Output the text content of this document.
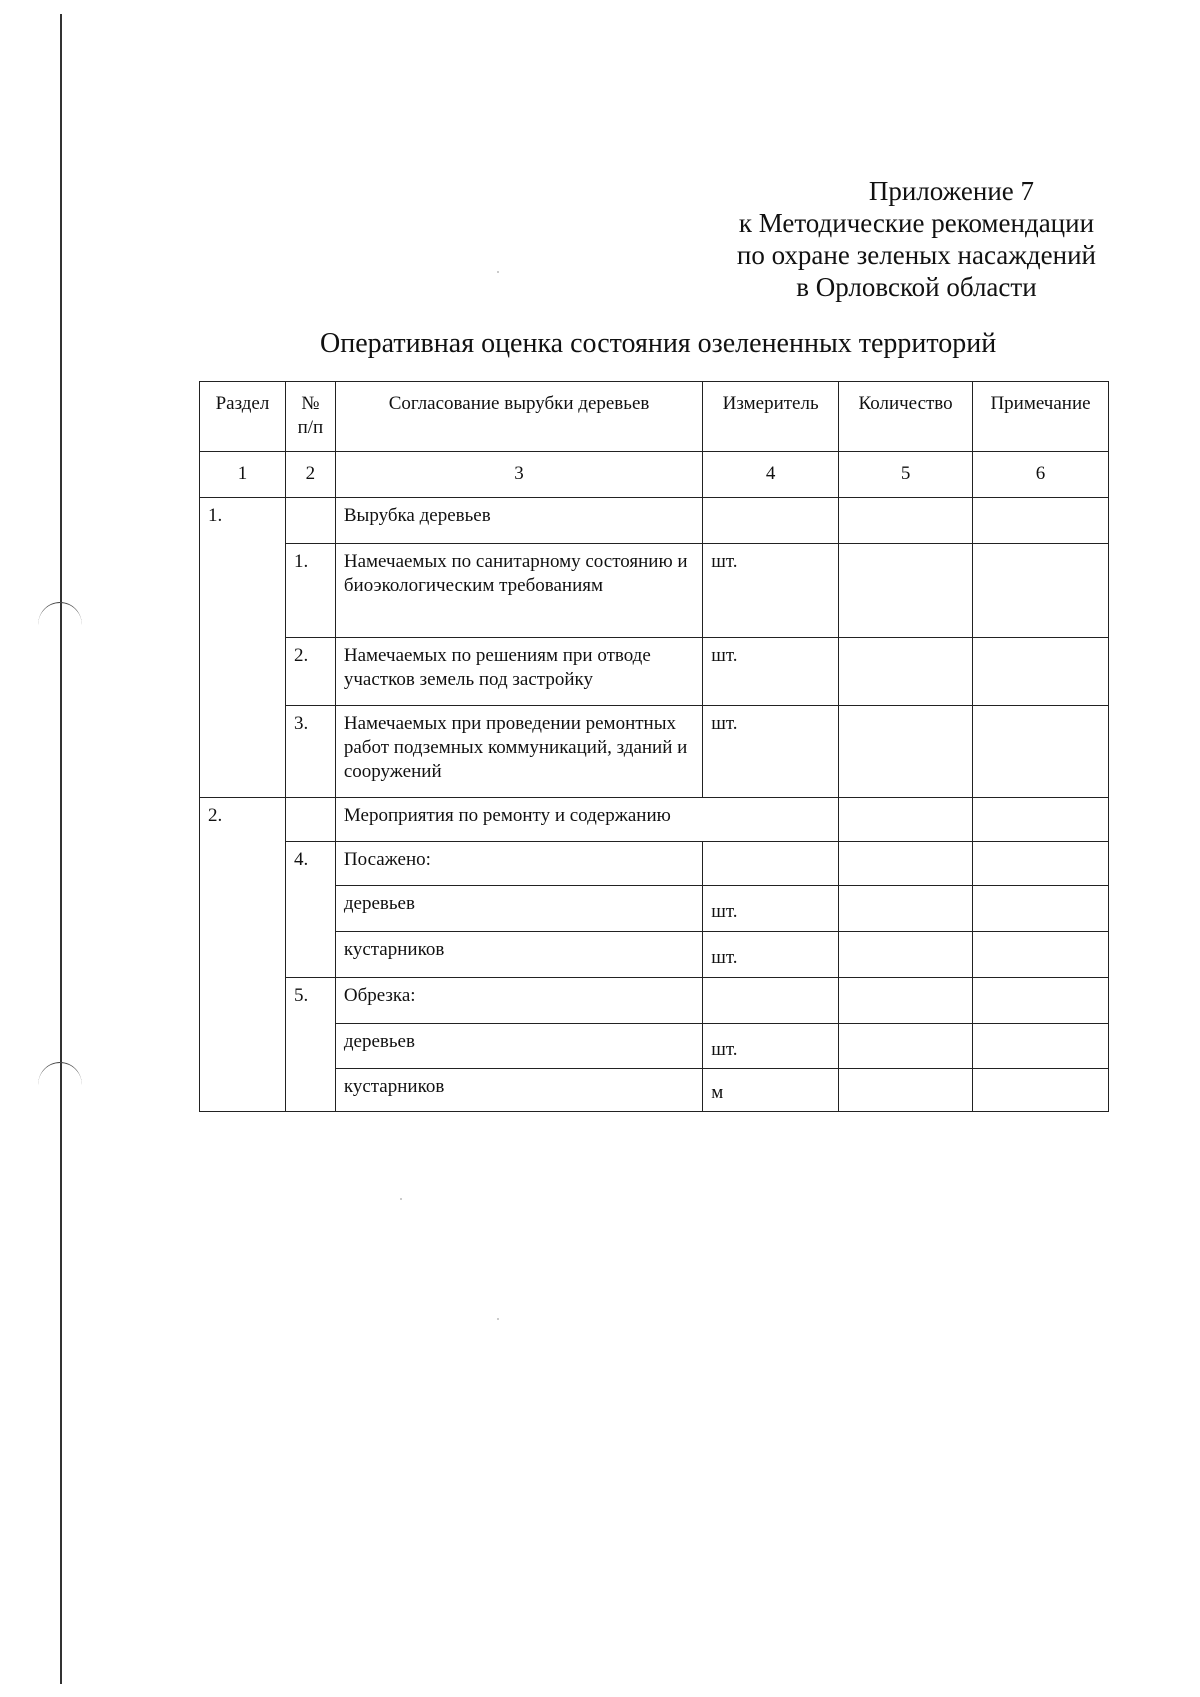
Приложение 7
к Методические рекомендации
по охране зеленых насаждений
в Орловской области
Оперативная оценка состояния озелененных территорий
Раздел	№ п/п	Согласование вырубки деревьев	Измеритель	Количество	Примечание
1	2	3	4	5	6
1.		Вырубка деревьев			
	1.	Намечаемых по санитарному состоянию и биоэкологическим требованиям	шт.		
	2.	Намечаемых по решениям при отводе участков земель под застройку	шт.		
	3.	Намечаемых при проведении ремонтных работ подземных коммуникаций, зданий и сооружений	шт.		
2.		Мероприятия по ремонту и содержанию			
	4.	Посажено:			
		деревьев	шт.		
		кустарников	шт.		
	5.	Обрезка:			
		деревьев	шт.		
		кустарников	м		
